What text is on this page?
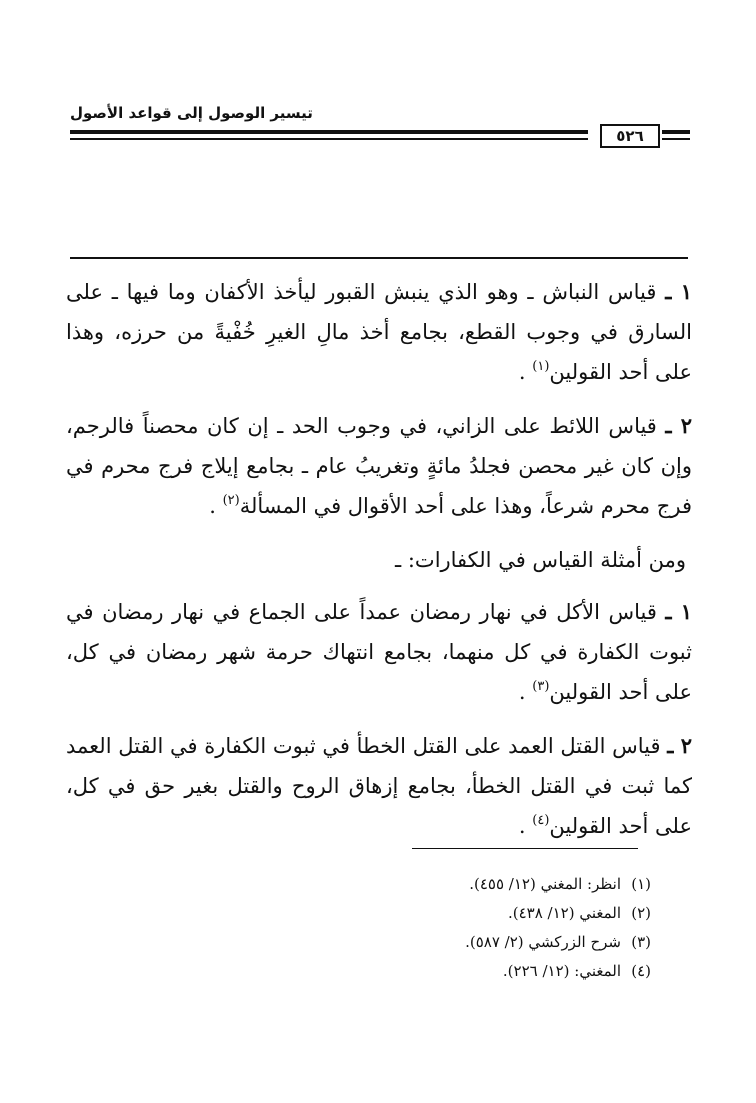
تيسير الوصول إلى قواعد الأصول
٥٢٦

١ ـ قياس النباش ـ وهو الذي ينبش القبور ليأخذ الأكفان وما فيها ـ على السارق في وجوب القطع، بجامع أخذ مالِ الغيرِ خُفْيةً من حرزه، وهذا على أحد القولين$^{(١)}$ .

٢ ـ قياس اللائط على الزاني، في وجوب الحد ـ إن كان محصناً فالرجم، وإن كان غير محصن فجلدُ مائةٍ وتغريبُ عام ـ بجامع إيلاج فرج محرم في فرج محرم شرعاً، وهذا على أحد الأقوال في المسألة$^{(٢)}$ .

ومن أمثلة القياس في الكفارات: ـ

١ ـ قياس الأكل في نهار رمضان عمداً على الجماع في نهار رمضان في ثبوت الكفارة في كل منهما، بجامع انتهاك حرمة شهر رمضان في كل، على أحد القولين$^{(٣)}$ .

٢ ـ قياس القتل العمد على القتل الخطأ في ثبوت الكفارة في القتل العمد كما ثبت في القتل الخطأ، بجامع إزهاق الروح والقتل بغير حق في كل، على أحد القولين$^{(٤)}$ .

(١)انظر: المغني (١٢/ ٤٥٥).
(٢)المغني (١٢/ ٤٣٨).
(٣)شرح الزركشي (٢/ ٥٨٧).
(٤)المغني: (١٢/ ٢٢٦).
